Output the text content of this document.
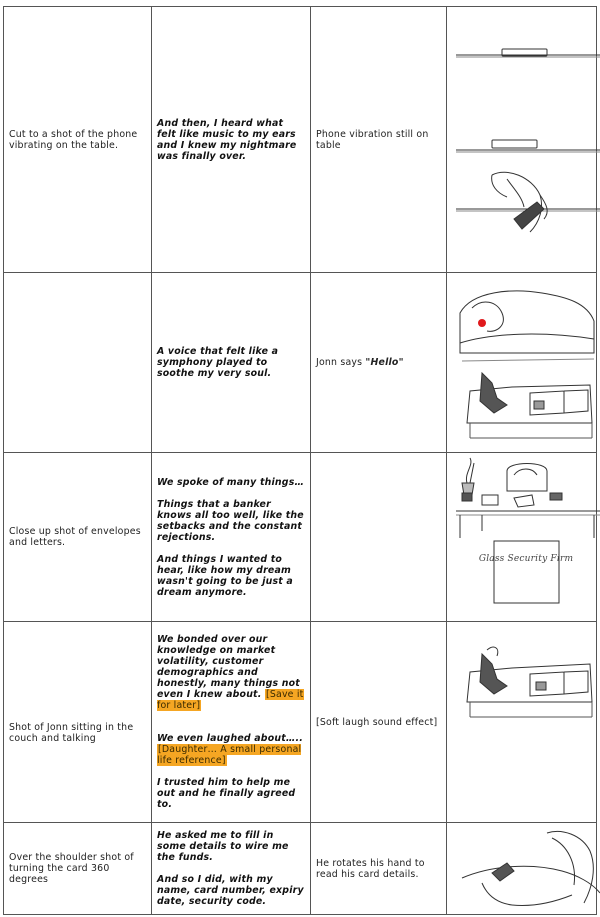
Cut to a shot of the phone vibrating on the table.	And then, I heard what felt like music to my ears and I knew my nightmare was finally over.	Phone vibration still on table	

	A voice that felt like a symphony played to soothe my very soul.	Jonn says "Hello"	

Close up shot of envelopes and letters.	We spoke of many things…

Things that a banker knows all too well, like the setbacks and the constant rejections.

And things I wanted to hear, like how my dream wasn't going to be just a dream anymore.		Glass Security Firm

Shot of Jonn sitting in the couch and talking	We bonded over our knowledge on market volatility, customer demographics and honestly, many things not even I knew about. [Save it for later]
We even laughed about…..[Daughter… A small personal life reference]

I trusted him to help me out and he finally agreed to.	[Soft laugh sound effect]	

Over the shoulder shot of turning the card 360 degrees	He asked me to fill in some details to wire me the funds.

And so I did, with my name, card number, expiry date, security code.	He rotates his hand to read his card details.	
